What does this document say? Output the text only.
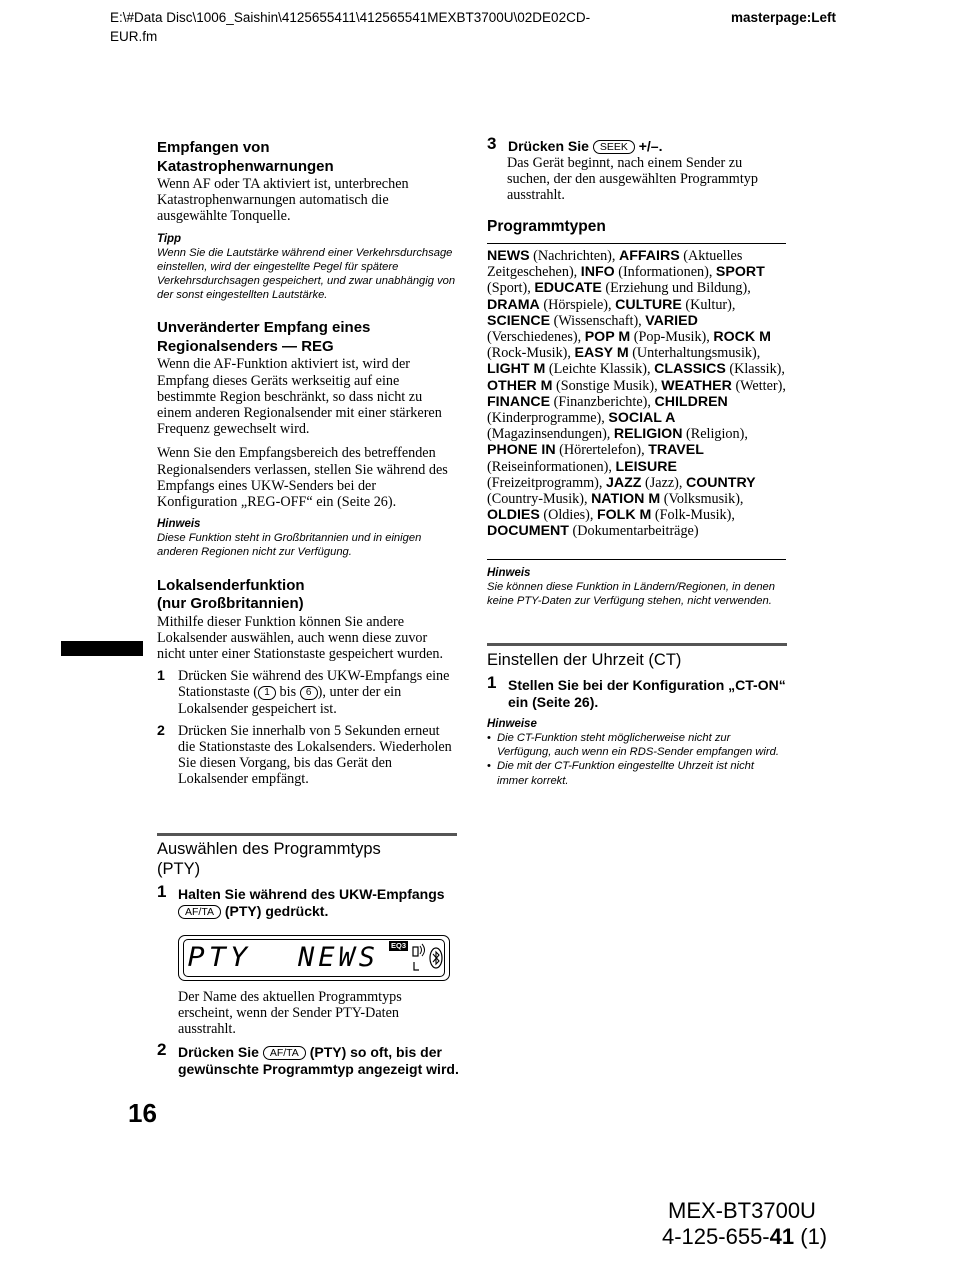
E:\#Data Disc\1006_Saishin\4125655411\412565541MEXBT3700U\02DE02CD-
EUR.fm
masterpage:Left
Empfangen von
Katastrophenwarnungen

Wenn AF oder TA aktiviert ist, unterbrechen Katastrophenwarnungen automatisch die ausgewählte Tonquelle.

Tipp

Wenn Sie die Lautstärke während einer Verkehrsdurchsage einstellen, wird der eingestellte Pegel für spätere Verkehrsdurchsagen gespeichert, und zwar unabhängig von der sonst eingestellten Lautstärke.

Unveränderter Empfang eines
Regionalsenders — REG

Wenn die AF-Funktion aktiviert ist, wird der Empfang dieses Geräts werkseitig auf eine bestimmte Region beschränkt, so dass nicht zu einem anderen Regionalsender mit einer stärkeren Frequenz gewechselt wird.

Wenn Sie den Empfangsbereich des betreffenden Regionalsenders verlassen, stellen Sie während des Empfangs eines UKW-Senders bei der Konfiguration „REG-OFF“ ein (Seite 26).

Hinweis

Diese Funktion steht in Großbritannien und in einigen anderen Regionen nicht zur Verfügung.

Lokalsenderfunktion
(nur Großbritannien)

Mithilfe dieser Funktion können Sie andere Lokalsender auswählen, auch wenn diese zuvor nicht unter einer Stationstaste gespeichert wurden.

1 Drücken Sie während des UKW-Empfangs eine Stationstaste ( 1 bis 6 ), unter der ein Lokalsender gespeichert ist.
2 Drücken Sie innerhalb von 5 Sekunden erneut die Stationstaste des Lokalsenders. Wiederholen Sie diesen Vorgang, bis das Gerät den Lokalsender empfängt.
Auswählen des Programmtyps
(PTY)
1 Halten Sie während des UKW-Empfangs AF/TA (PTY) gedrückt.
PTY NEWS EQ3

Der Name des aktuellen Programmtyps erscheint, wenn der Sender PTY-Daten ausstrahlt.

2 Drücken Sie AF/TA (PTY) so oft, bis der gewünschte Programmtyp angezeigt wird.
16
3 Drücken Sie SEEK +/–.

Das Gerät beginnt, nach einem Sender zu suchen, der den ausgewählten Programmtyp ausstrahlt.

Programmtypen
NEWS (Nachrichten), AFFAIRS (Aktuelles Zeitgeschehen), INFO (Informationen), SPORT (Sport), EDUCATE (Erziehung und Bildung), DRAMA (Hörspiele), CULTURE (Kultur), SCIENCE (Wissenschaft), VARIED (Verschiedenes), POP M (Pop-Musik), ROCK M (Rock-Musik), EASY M (Unterhaltungsmusik), LIGHT M (Leichte Klassik), CLASSICS (Klassik), OTHER M (Sonstige Musik), WEATHER (Wetter), FINANCE (Finanzberichte), CHILDREN (Kinderprogramme), SOCIAL A (Magazinsendungen), RELIGION (Religion), PHONE IN (Hörertelefon), TRAVEL (Reiseinformationen), LEISURE (Freizeitprogramm), JAZZ (Jazz), COUNTRY (Country-Musik), NATION M (Volksmusik), OLDIES (Oldies), FOLK M (Folk-Musik), DOCUMENT (Dokumentarbeiträge)

Hinweis

Sie können diese Funktion in Ländern/Regionen, in denen keine PTY-Daten zur Verfügung stehen, nicht verwenden.

Einstellen der Uhrzeit (CT)
1 Stellen Sie bei der Konfiguration „CT-ON“ ein (Seite 26).

Hinweise

• Die CT-Funktion steht möglicherweise nicht zur Verfügung, auch wenn ein RDS-Sender empfangen wird.
• Die mit der CT-Funktion eingestellte Uhrzeit ist nicht immer korrekt.
MEX-BT3700U
4-125-655-41 (1)
